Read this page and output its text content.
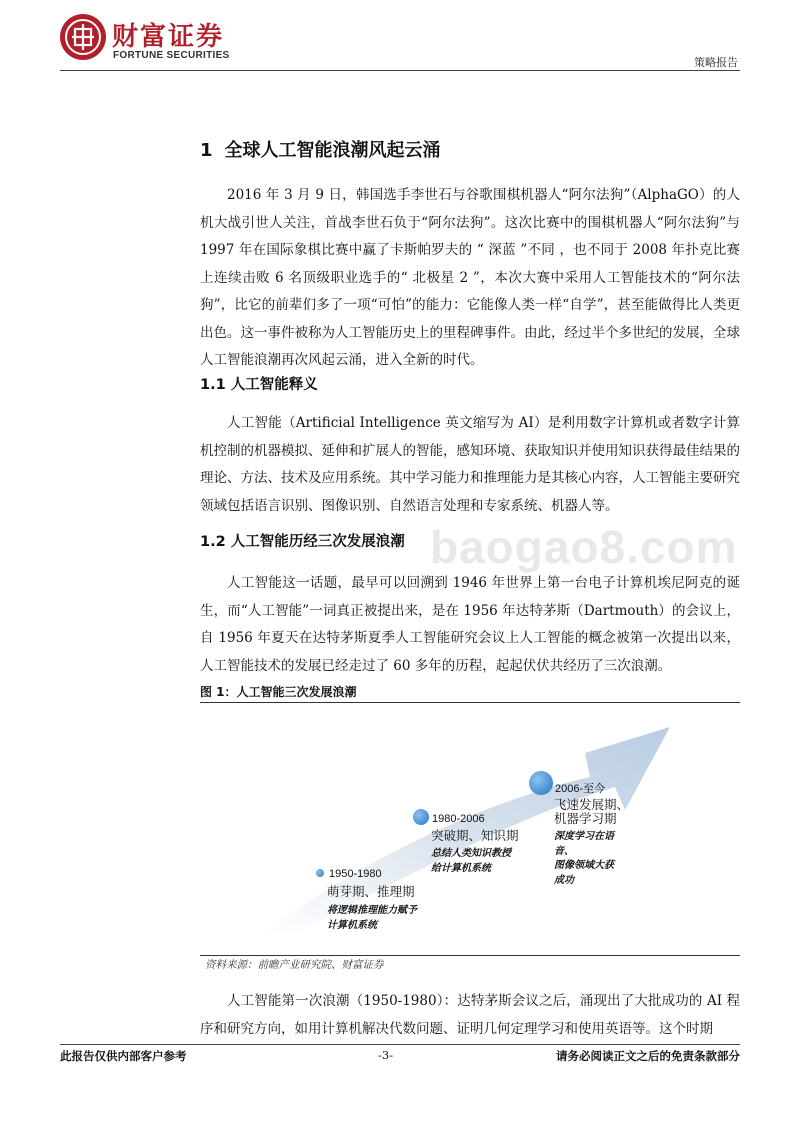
财富证券
FORTUNE SECURITIES
策略报告
1 全球人工智能浪潮风起云涌

2016 年 3 月 9 日，韩国选手李世石与谷歌围棋机器人“阿尔法狗”（AlphaGO）的人机大战引世人关注，首战李世石负于“阿尔法狗”。这次比赛中的围棋机器人“阿尔法狗”与 1997 年在国际象棋比赛中赢了卡斯帕罗夫的 “ 深蓝 ”不同 ，也不同于 2008 年扑克比赛上连续击败 6 名顶级职业选手的“ 北极星 2 ”，本次大赛中采用人工智能技术的“阿尔法狗”，比它的前辈们多了一项“可怕”的能力：它能像人类一样“自学”，甚至能做得比人类更出色。这一事件被称为人工智能历史上的里程碑事件。由此，经过半个多世纪的发展，全球人工智能浪潮再次风起云涌，进入全新的时代。

1.1 人工智能释义

人工智能（Artificial Intelligence 英文缩写为 AI）是利用数字计算机或者数字计算机控制的机器模拟、延伸和扩展人的智能，感知环境、获取知识并使用知识获得最佳结果的理论、方法、技术及应用系统。其中学习能力和推理能力是其核心内容，人工智能主要研究领域包括语言识别、图像识别、自然语言处理和专家系统、机器人等。

1.2 人工智能历经三次发展浪潮

人工智能这一话题，最早可以回溯到 1946 年世界上第一台电子计算机埃尼阿克的诞生，而“人工智能”一词真正被提出来，是在 1956 年达特茅斯（Dartmouth）的会议上，自 1956 年夏天在达特茅斯夏季人工智能研究会议上人工智能的概念被第一次提出以来，人工智能技术的发展已经走过了 60 多年的历程，起起伏伏共经历了三次浪潮。

baogao8.com
图 1：人工智能三次发展浪潮
1950-1980
萌芽期、推理期
将逻辑推理能力赋予计算机系统
1980-2006
突破期、知识期
总结人类知识教授给计算机系统
2006-至今
飞速发展期、机器学习期
深度学习在语音、
图像领域大获成功
资料来源：前瞻产业研究院、财富证券

人工智能第一次浪潮（1950-1980）：达特茅斯会议之后，涌现出了大批成功的 AI 程序和研究方向，如用计算机解决代数问题、证明几何定理学习和使用英语等。这个时期

此报告仅供内部客户参考	-3-	请务必阅读正文之后的免责条款部分
